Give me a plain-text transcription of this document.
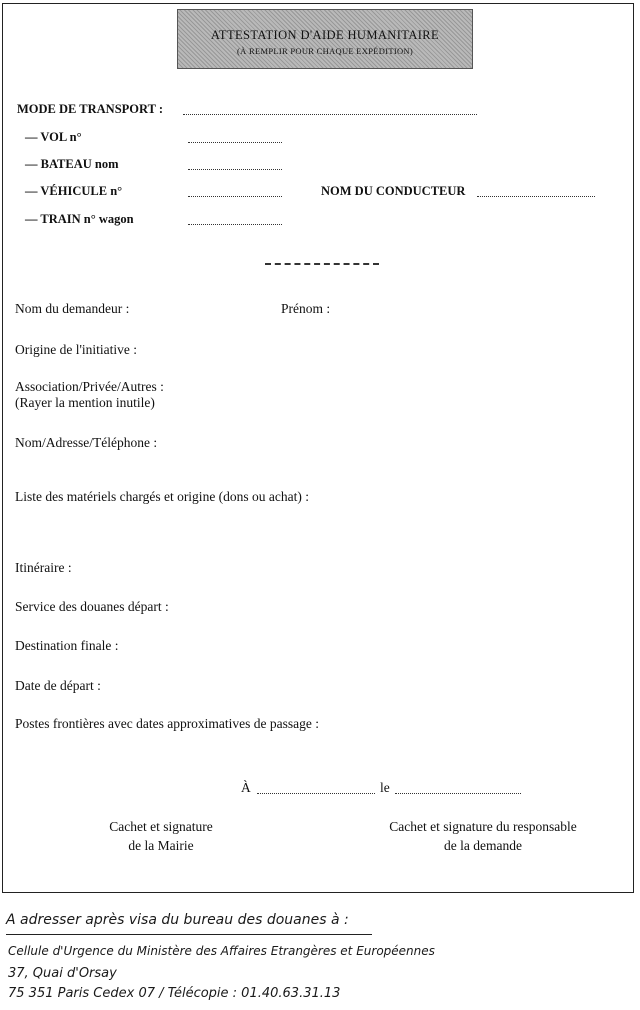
ATTESTATION D'AIDE HUMANITAIRE
(À REMPLIR POUR CHAQUE EXPÉDITION)
MODE DE TRANSPORT :
— VOL n°
— BATEAU nom
— VÉHICULE n°	NOM DU CONDUCTEUR
— TRAIN n° wagon
Nom du demandeur :	Prénom :
Origine de l'initiative :
Association/Privée/Autres :
(Rayer la mention inutile)
Nom/Adresse/Téléphone :
Liste des matériels chargés et origine (dons ou achat) :
Itinéraire :
Service des douanes départ :
Destination finale :
Date de départ :
Postes frontières avec dates approximatives de passage :
À	le
Cachet et signature
de la Mairie
Cachet et signature du responsable
de la demande
A adresser après visa du bureau des douanes à :
Cellule d'Urgence du Ministère des Affaires Etrangères et Européennes
37, Quai d'Orsay
75 351 Paris Cedex 07 / Télécopie : 01.40.63.31.13
